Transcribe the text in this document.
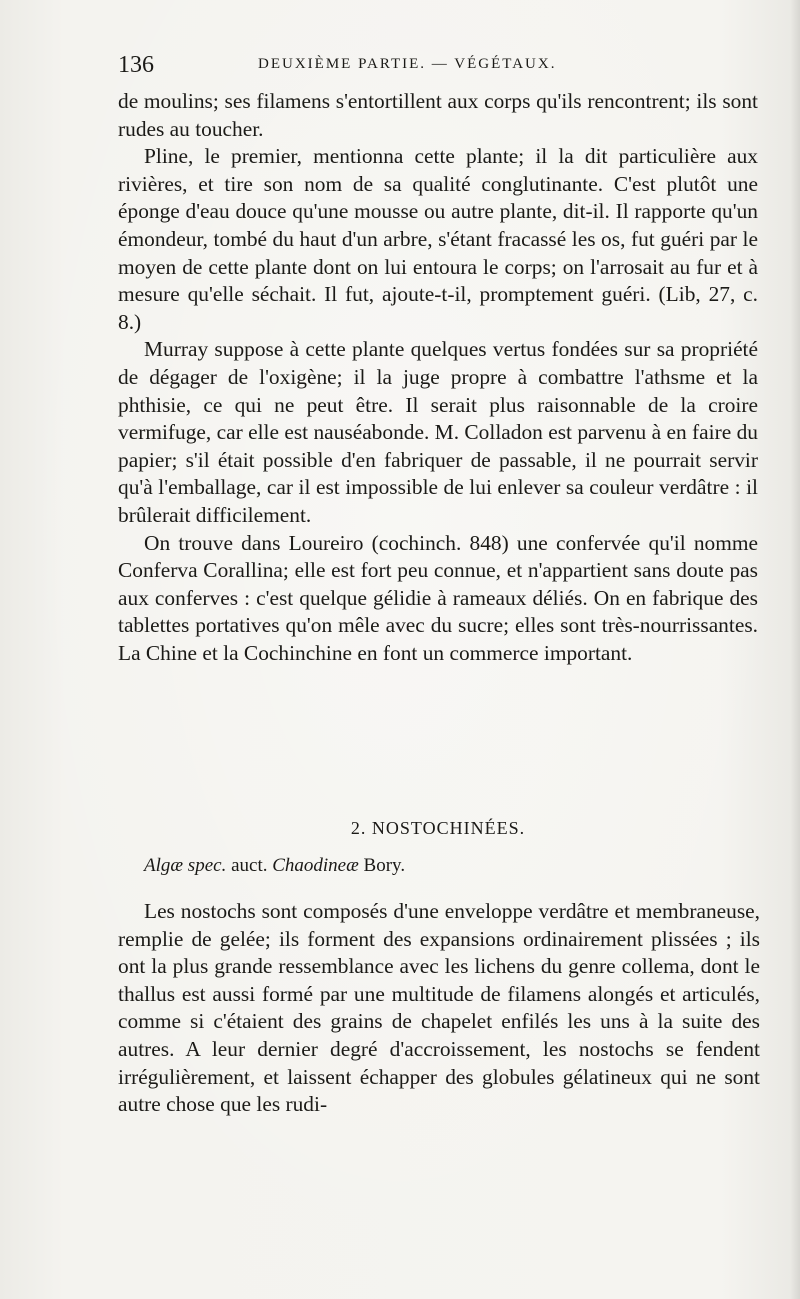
136	DEUXIÈME PARTIE. — VÉGÉTAUX.

de moulins; ses filamens s'entortillent aux corps qu'ils rencontrent; ils sont rudes au toucher.

Pline, le premier, mentionna cette plante; il la dit particulière aux rivières, et tire son nom de sa qualité conglutinante. C'est plutôt une éponge d'eau douce qu'une mousse ou autre plante, dit-il. Il rapporte qu'un émondeur, tombé du haut d'un arbre, s'étant fracassé les os, fut guéri par le moyen de cette plante dont on lui entoura le corps; on l'arrosait au fur et à mesure qu'elle séchait. Il fut, ajoute-t-il, promptement guéri. (Lib, 27, c. 8.)

Murray suppose à cette plante quelques vertus fondées sur sa propriété de dégager de l'oxigène; il la juge propre à combattre l'athsme et la phthisie, ce qui ne peut être. Il serait plus raisonnable de la croire vermifuge, car elle est nauséabonde. M. Colladon est parvenu à en faire du papier; s'il était possible d'en fabriquer de passable, il ne pourrait servir qu'à l'emballage, car il est impossible de lui enlever sa couleur verdâtre : il brûlerait difficilement.

On trouve dans Loureiro (cochinch. 848) une confervée qu'il nomme Conferva Corallina; elle est fort peu connue, et n'appartient sans doute pas aux conferves : c'est quelque gélidie à rameaux déliés. On en fabrique des tablettes portatives qu'on mêle avec du sucre; elles sont très-nourrissantes. La Chine et la Cochinchine en font un commerce important.

2. NOSTOCHINÉES.
Algæ spec. auct. Chaodineæ Bory.

Les nostochs sont composés d'une enveloppe verdâtre et membraneuse, remplie de gelée; ils forment des expansions ordinairement plissées ; ils ont la plus grande ressemblance avec les lichens du genre collema, dont le thallus est aussi formé par une multitude de filamens alongés et articulés, comme si c'étaient des grains de chapelet enfilés les uns à la suite des autres. A leur dernier degré d'accroissement, les nostochs se fendent irrégulièrement, et laissent échapper des globules gélatineux qui ne sont autre chose que les rudi-
